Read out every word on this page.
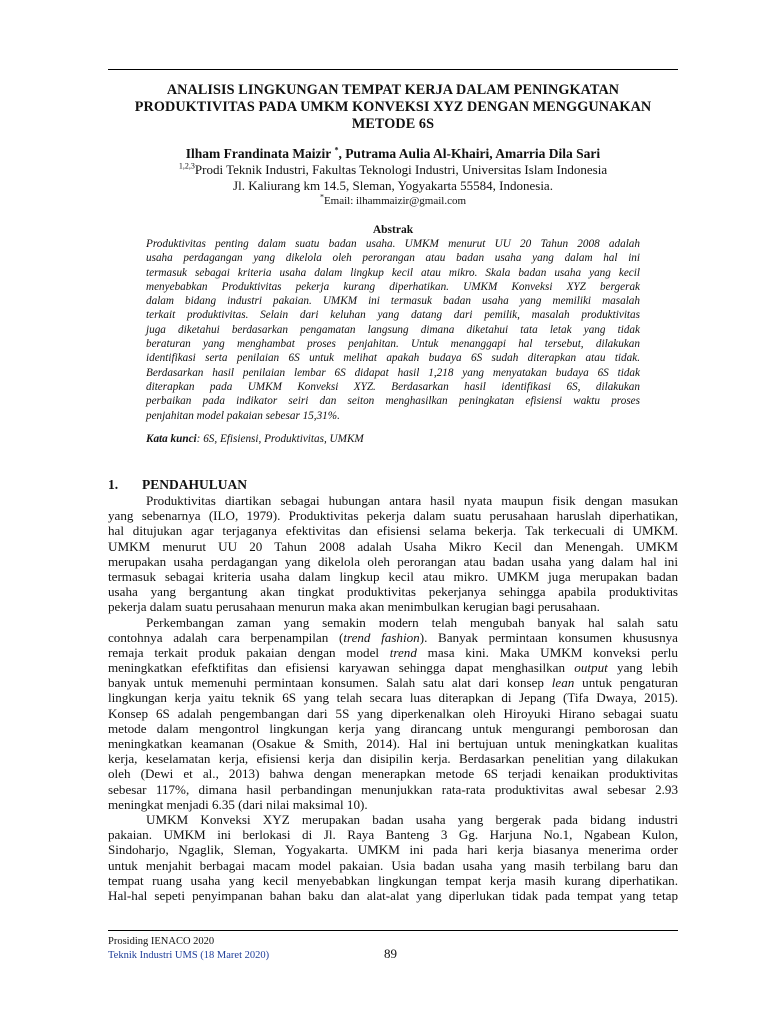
ANALISIS LINGKUNGAN TEMPAT KERJA DALAM PENINGKATAN
PRODUKTIVITAS PADA UMKM KONVEKSI XYZ DENGAN MENGGUNAKAN
METODE 6S
Ilham Frandinata Maizir *, Putrama Aulia Al-Khairi, Amarria Dila Sari
$^{1,2,3}$Prodi Teknik Industri, Fakultas Teknologi Industri, Universitas Islam Indonesia
Jl. Kaliurang km 14.5, Sleman, Yogyakarta 55584, Indonesia.
*Email: ilhammaizir@gmail.com
Abstrak
Produktivitas penting dalam suatu badan usaha. UMKM menurut UU 20 Tahun 2008 adalah
usaha perdagangan yang dikelola oleh perorangan atau badan usaha yang dalam hal ini
termasuk sebagai kriteria usaha dalam lingkup kecil atau mikro. Skala badan usaha yang kecil
menyebabkan Produktivitas pekerja kurang diperhatikan. UMKM Konveksi XYZ bergerak
dalam bidang industri pakaian. UMKM ini termasuk badan usaha yang memiliki masalah
terkait produktivitas. Selain dari keluhan yang datang dari pemilik, masalah produktivitas
juga diketahui berdasarkan pengamatan langsung dimana diketahui tata letak yang tidak
beraturan yang menghambat proses penjahitan. Untuk menanggapi hal tersebut, dilakukan
identifikasi serta penilaian 6S untuk melihat apakah budaya 6S sudah diterapkan atau tidak.
Berdasarkan hasil penilaian lembar 6S didapat hasil 1,218 yang menyatakan budaya 6S tidak
diterapkan pada UMKM Konveksi XYZ. Berdasarkan hasil identifikasi 6S, dilakukan
perbaikan pada indikator seiri dan seiton menghasilkan peningkatan efisiensi waktu proses
penjahitan model pakaian sebesar 15,31%.
Kata kunci: 6S, Efisiensi, Produktivitas, UMKM
1. PENDAHULUAN
Produktivitas diartikan sebagai hubungan antara hasil nyata maupun fisik dengan masukan
yang sebenarnya (ILO, 1979). Produktivitas pekerja dalam suatu perusahaan haruslah diperhatikan,
hal ditujukan agar terjaganya efektivitas dan efisiensi selama bekerja. Tak terkecuali di UMKM.
UMKM menurut UU 20 Tahun 2008 adalah Usaha Mikro Kecil dan Menengah. UMKM
merupakan usaha perdagangan yang dikelola oleh perorangan atau badan usaha yang dalam hal ini
termasuk sebagai kriteria usaha dalam lingkup kecil atau mikro. UMKM juga merupakan badan
usaha yang bergantung akan tingkat produktivitas pekerjanya sehingga apabila produktivitas
pekerja dalam suatu perusahaan menurun maka akan menimbulkan kerugian bagi perusahaan.
Perkembangan zaman yang semakin modern telah mengubah banyak hal salah satu
contohnya adalah cara berpenampilan (trend fashion). Banyak permintaan konsumen khususnya
remaja terkait produk pakaian dengan model trend masa kini. Maka UMKM konveksi perlu
meningkatkan efefktifitas dan efisiensi karyawan sehingga dapat menghasilkan output yang lebih
banyak untuk memenuhi permintaan konsumen. Salah satu alat dari konsep lean untuk pengaturan
lingkungan kerja yaitu teknik 6S yang telah secara luas diterapkan di Jepang (Tifa Dwaya, 2015).
Konsep 6S adalah pengembangan dari 5S yang diperkenalkan oleh Hiroyuki Hirano sebagai suatu
metode dalam mengontrol lingkungan kerja yang dirancang untuk mengurangi pemborosan dan
meningkatkan keamanan (Osakue & Smith, 2014). Hal ini bertujuan untuk meningkatkan kualitas
kerja, keselamatan kerja, efisiensi kerja dan disipilin kerja. Berdasarkan penelitian yang dilakukan
oleh (Dewi et al., 2013) bahwa dengan menerapkan metode 6S terjadi kenaikan produktivitas
sebesar 117%, dimana hasil perbandingan menunjukkan rata-rata produktivitas awal sebesar 2.93
meningkat menjadi 6.35 (dari nilai maksimal 10).
UMKM Konveksi XYZ merupakan badan usaha yang bergerak pada bidang industri
pakaian. UMKM ini berlokasi di Jl. Raya Banteng 3 Gg. Harjuna No.1, Ngabean Kulon,
Sindoharjo, Ngaglik, Sleman, Yogyakarta. UMKM ini pada hari kerja biasanya menerima order
untuk menjahit berbagai macam model pakaian. Usia badan usaha yang masih terbilang baru dan
tempat ruang usaha yang kecil menyebabkan lingkungan tempat kerja masih kurang diperhatikan.
Hal-hal sepeti penyimpanan bahan baku dan alat-alat yang diperlukan tidak pada tempat yang tetap
Prosiding IENACO 2020
Teknik Industri UMS (18 Maret 2020)	89
